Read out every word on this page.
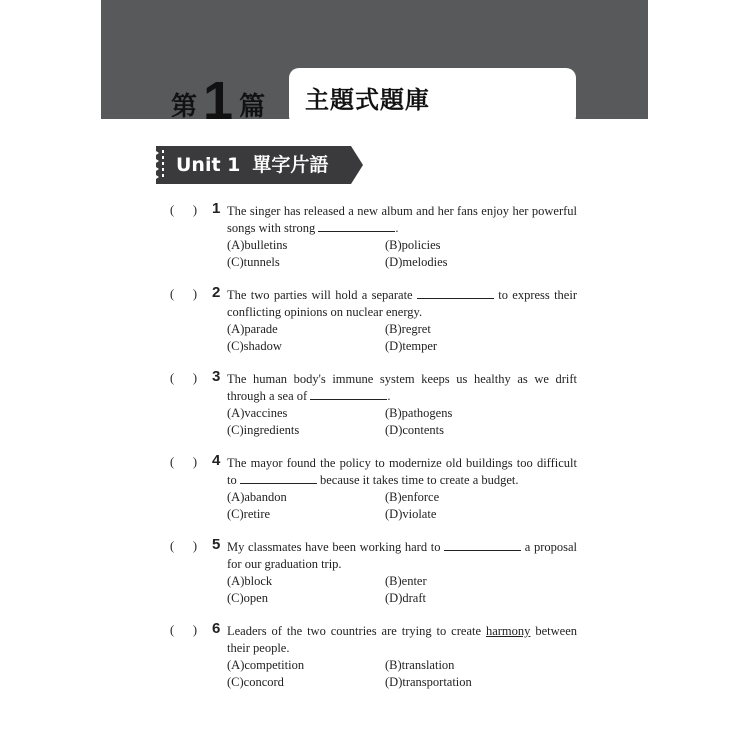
第 1 篇 主題式題庫
Unit 1 單字片語
(      ) 1 The singer has released a new album and her fans enjoy her powerful songs with strong	.
(A)bulletins	(B)policies
(C)tunnels	(D)melodies
(      ) 2 The two parties will hold a separate	to express their conflicting opinions on nuclear energy.
(A)parade	(B)regret
(C)shadow	(D)temper
(      ) 3 The human body's immune system keeps us healthy as we drift through a sea of	.
(A)vaccines	(B)pathogens
(C)ingredients	(D)contents
(      ) 4 The mayor found the policy to modernize old buildings too difficult to	because it takes time to create a budget.
(A)abandon	(B)enforce
(C)retire	(D)violate
(      ) 5 My classmates have been working hard to	a proposal for our graduation trip.
(A)block	(B)enter
(C)open	(D)draft
(      ) 6 Leaders of the two countries are trying to create harmony between their people.
(A)competition	(B)translation
(C)concord	(D)transportation
